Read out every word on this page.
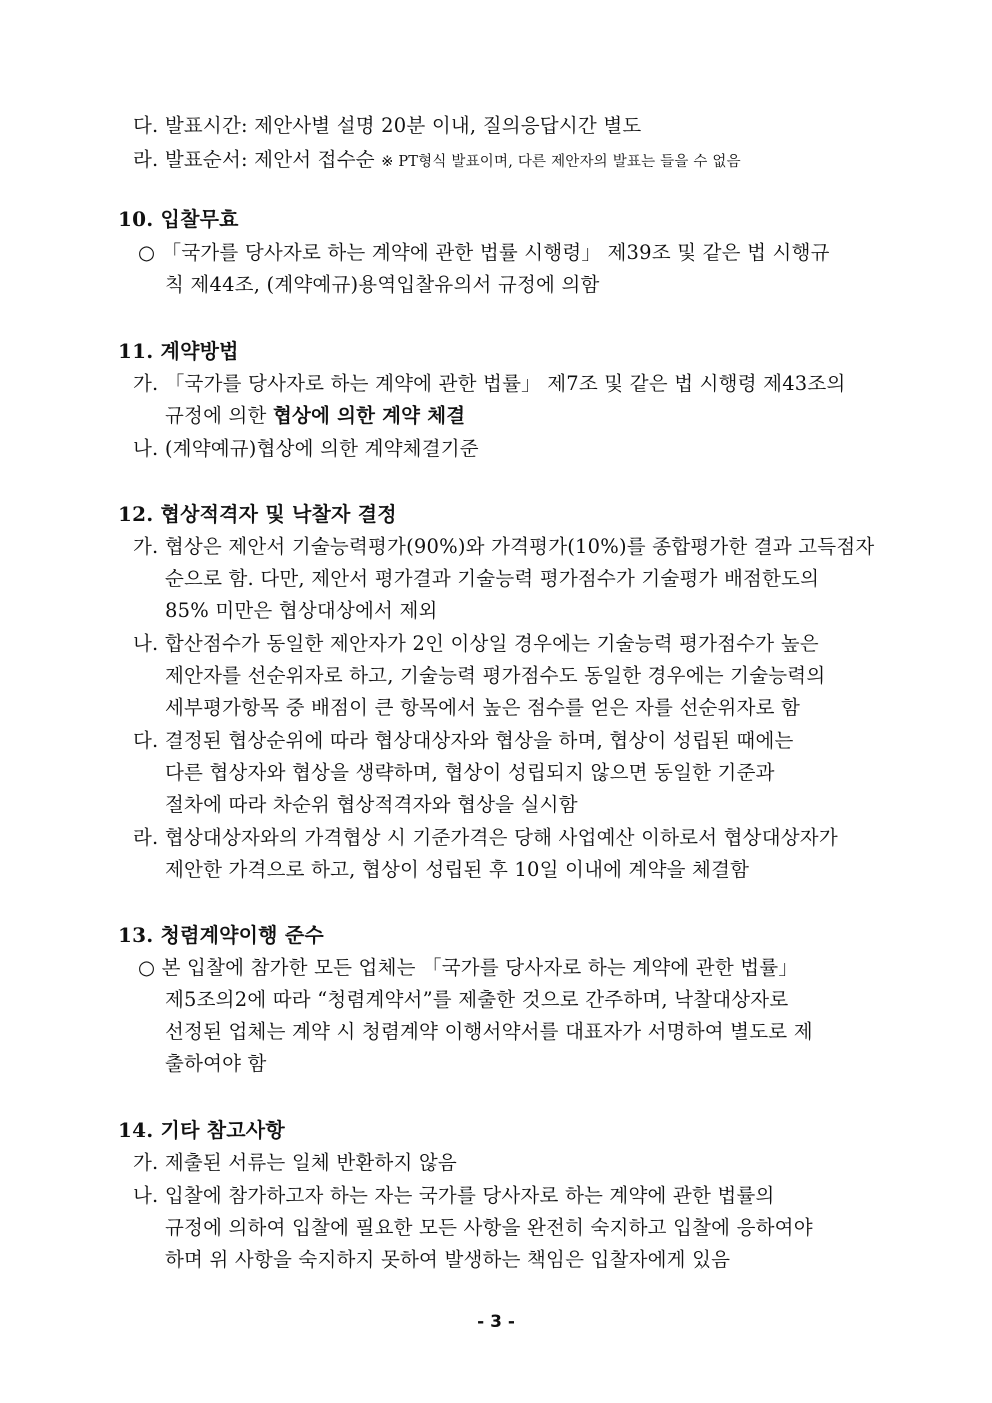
다. 발표시간: 제안사별 설명 20분 이내, 질의응답시간 별도
라. 발표순서: 제안서 접수순 ※ PT형식 발표이며, 다른 제안자의 발표는 들을 수 없음
10. 입찰무효
○ 「국가를 당사자로 하는 계약에 관한 법률 시행령」 제39조 및 같은 법 시행규
칙 제44조, (계약예규)용역입찰유의서 규정에 의함
11. 계약방법
가. 「국가를 당사자로 하는 계약에 관한 법률」 제7조 및 같은 법 시행령 제43조의
규정에 의한 협상에 의한 계약 체결
나. (계약예규)협상에 의한 계약체결기준
12. 협상적격자 및 낙찰자 결정
가. 협상은 제안서 기술능력평가(90%)와 가격평가(10%)를 종합평가한 결과 고득점자
순으로 함. 다만, 제안서 평가결과 기술능력 평가점수가 기술평가 배점한도의
85% 미만은 협상대상에서 제외
나. 합산점수가 동일한 제안자가 2인 이상일 경우에는 기술능력 평가점수가 높은
제안자를 선순위자로 하고, 기술능력 평가점수도 동일한 경우에는 기술능력의
세부평가항목 중 배점이 큰 항목에서 높은 점수를 얻은 자를 선순위자로 함
다. 결정된 협상순위에 따라 협상대상자와 협상을 하며, 협상이 성립된 때에는
다른 협상자와 협상을 생략하며, 협상이 성립되지 않으면 동일한 기준과
절차에 따라 차순위 협상적격자와 협상을 실시함
라. 협상대상자와의 가격협상 시 기준가격은 당해 사업예산 이하로서 협상대상자가
제안한 가격으로 하고, 협상이 성립된 후 10일 이내에 계약을 체결함
13. 청렴계약이행 준수
○ 본 입찰에 참가한 모든 업체는 「국가를 당사자로 하는 계약에 관한 법률」
제5조의2에 따라 “청렴계약서”를 제출한 것으로 간주하며, 낙찰대상자로
선정된 업체는 계약 시 청렴계약 이행서약서를 대표자가 서명하여 별도로 제
출하여야 함
14. 기타 참고사항
가. 제출된 서류는 일체 반환하지 않음
나. 입찰에 참가하고자 하는 자는 국가를 당사자로 하는 계약에 관한 법률의
규정에 의하여 입찰에 필요한 모든 사항을 완전히 숙지하고 입찰에 응하여야
하며 위 사항을 숙지하지 못하여 발생하는 책임은 입찰자에게 있음
- 3 -
